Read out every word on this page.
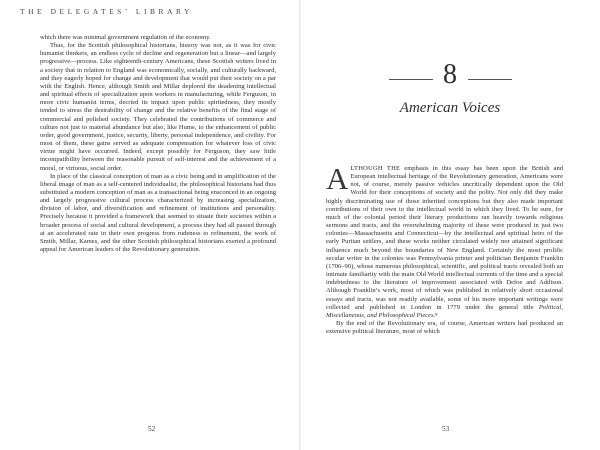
THE DELEGATES’ LIBRARY

which there was minimal government regulation of the economy.

Thus, for the Scottish philosophical historians, history was not, as it was for civic humanist thinkers, an endless cycle of decline and regeneration but a linear—and largely progressive—process. Like eighteenth-century Americans, these Scottish writers lived in a society that in relation to England was economically, socially, and culturally backward, and they eagerly hoped for change and development that would put their society on a par with the English. Hence, although Smith and Millar deplored the deadening intellectual and spiritual effects of specialization upon workers in manufacturing, while Ferguson, in more civic humanist terms, decried its impact upon public spiritedness, they mostly tended to stress the desirability of change and the relative benefits of the final stage of commercial and polished society. They celebrated the contributions of commerce and culture not just to material abundance but also, like Hume, to the enhancement of public order, good government, justice, security, liberty, personal independence, and civility. For most of them, these gains served as adequate compensation for whatever loss of civic virtue might have occurred. Indeed, except possibly for Ferguson, they saw little incompatibility between the reasonable pursuit of self-interest and the achievement of a moral, or virtuous, social order.

In place of the classical conception of man as a civic being and in amplification of the liberal image of man as a self-centered individualist, the philosophical historians had thus substituted a modern conception of man as a transactional being ensconced in an ongoing and largely progressive cultural process characterized by increasing specialization, division of labor, and diversification and refinement of institutions and personality. Precisely because it provided a framework that seemed to situate their societies within a broader process of social and cultural development, a process they had all passed through at an accelerated rate in their own progress from rudeness to refinement, the work of Smith, Millar, Kames, and the other Scottish philosophical historians exerted a profound appeal for American leaders of the Revolutionary generation.

52
8
American Voices

ALTHOUGH THE emphasis in this essay has been upon the British and European intellectual heritage of the Revolutionary generation, Americans were not, of course, merely passive vehicles uncritically dependent upon the Old World for their conceptions of society and the polity. Not only did they make highly discriminating use of those inherited conceptions but they also made important contributions of their own to the intellectual world in which they lived. To be sure, for much of the colonial period their literary productions ran heavily towards religious sermons and tracts, and the overwhelming majority of these were produced in just two colonies—Massachusetts and Connecticut—by the intellectual and spiritual heirs of the early Puritan settlers, and these works neither circulated widely nor attained significant influence much beyond the boundaries of New England. Certainly the most prolific secular writer in the colonies was Pennsylvania printer and politician Benjamin Franklin (1706–90), whose numerous philosophical, scientific, and political tracts revealed both an intimate familiarity with the main Old World intellectual currents of the time and a special indebtedness to the literature of improvement associated with Defoe and Addison. Although Franklin’s work, most of which was published in relatively short occasional essays and tracts, was not readily available, some of his more important writings were collected and published in London in 1779 under the general title Political, Miscellaneous, and Philosophical Pieces.⁸

By the end of the Revolutionary era, of course, American writers had produced an extensive political literature, most of which

53
